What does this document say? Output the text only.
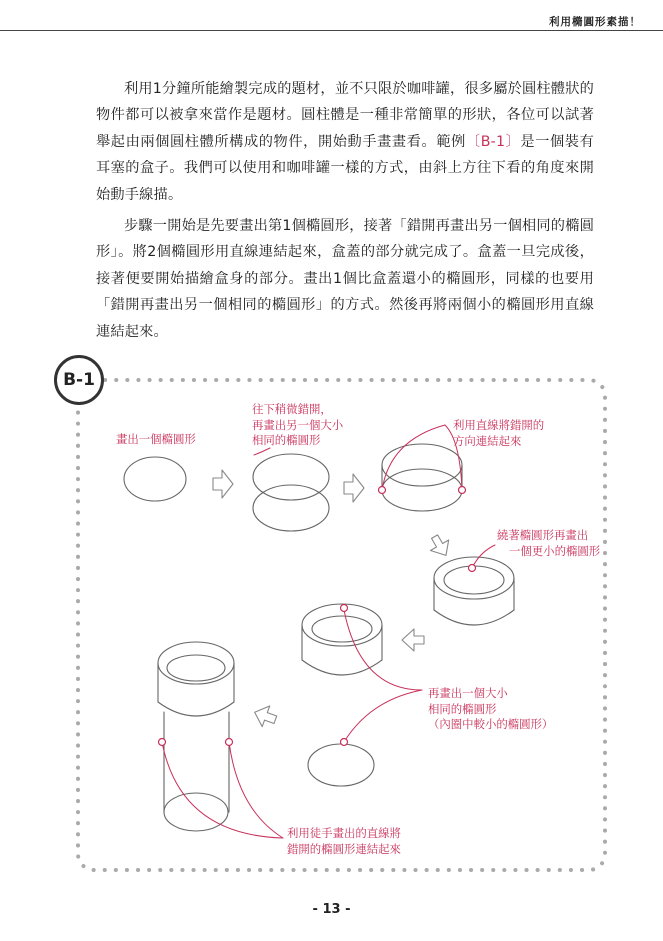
利用橢圓形素描！

利用1分鐘所能繪製完成的題材，並不只限於咖啡罐，很多屬於圓柱體狀的物件都可以被拿來當作是題材。圓柱體是一種非常簡單的形狀，各位可以試著舉起由兩個圓柱體所構成的物件，開始動手畫畫看。範例〔B-1〕是一個裝有耳塞的盒子。我們可以使用和咖啡罐一樣的方式，由斜上方往下看的角度來開始動手線描。

步驟一開始是先要畫出第1個橢圓形，接著「錯開再畫出另一個相同的橢圓形」。將2個橢圓形用直線連結起來，盒蓋的部分就完成了。盒蓋一旦完成後，接著便要開始描繪盒身的部分。畫出1個比盒蓋還小的橢圓形，同樣的也要用「錯開再畫出另一個相同的橢圓形」的方式。然後再將兩個小的橢圓形用直線連結起來。

B-1
畫出一個橢圓形
往下稍微錯開，
再畫出另一個大小
相同的橢圓形
利用直線將錯開的
方向連結起來
繞著橢圓形再畫出
一個更小的橢圓形
再畫出一個大小
相同的橢圓形
（內圈中較小的橢圓形）
利用徒手畫出的直線將
錯開的橢圓形連結起來
- 13 -
